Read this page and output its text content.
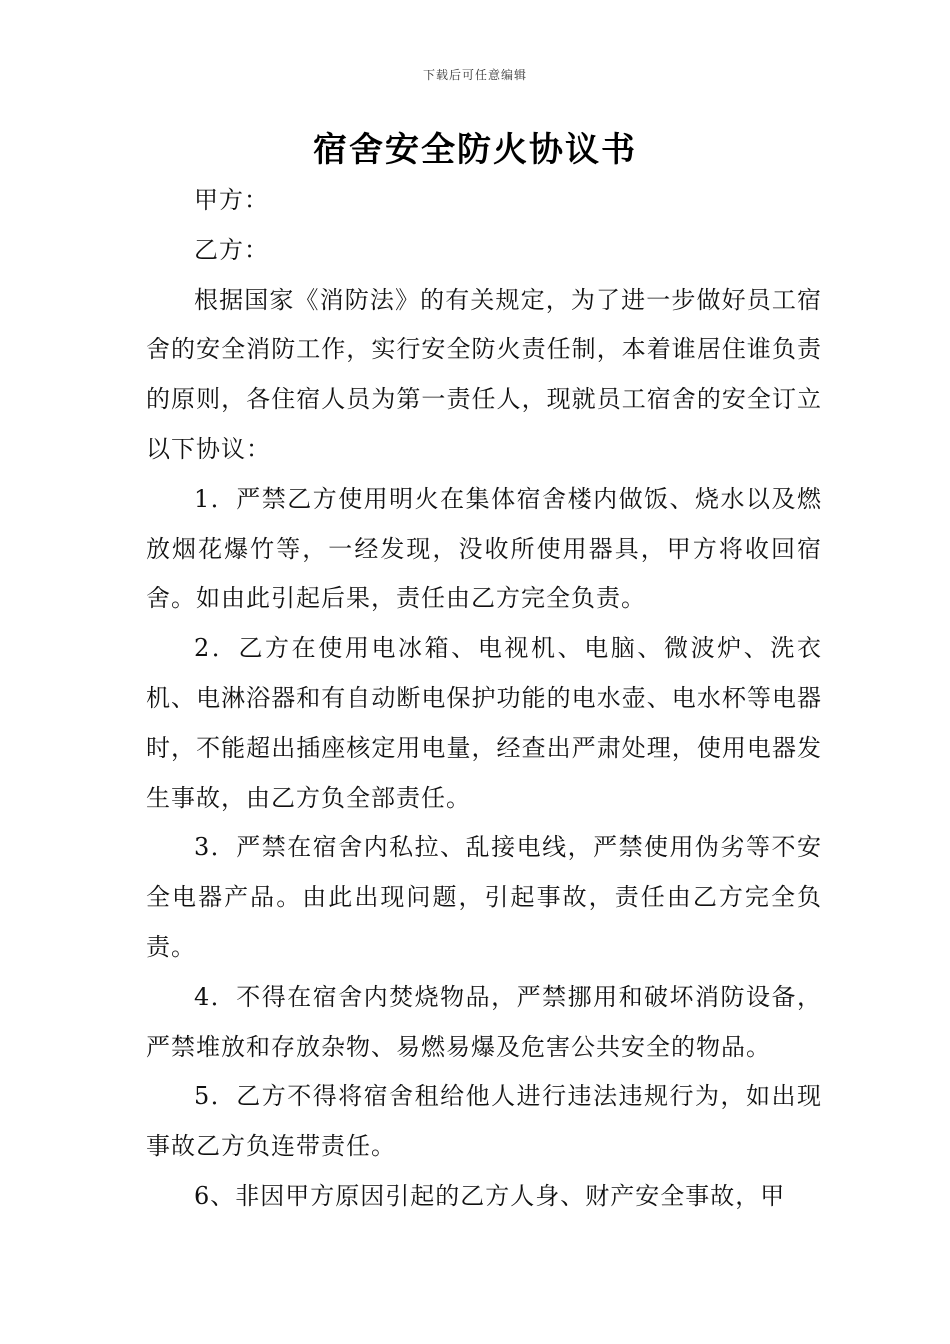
下载后可任意编辑
宿舍安全防火协议书

甲方：

乙方：

根据国家《消防法》的有关规定，为了进一步做好员工宿舍的安全消防工作，实行安全防火责任制，本着谁居住谁负责的原则，各住宿人员为第一责任人，现就员工宿舍的安全订立以下协议：

1．严禁乙方使用明火在集体宿舍楼内做饭、烧水以及燃放烟花爆竹等，一经发现，没收所使用器具，甲方将收回宿舍。如由此引起后果，责任由乙方完全负责。

2．乙方在使用电冰箱、电视机、电脑、微波炉、洗衣机、电淋浴器和有自动断电保护功能的电水壶、电水杯等电器时，不能超出插座核定用电量，经查出严肃处理，使用电器发生事故，由乙方负全部责任。

3．严禁在宿舍内私拉、乱接电线，严禁使用伪劣等不安全电器产品。由此出现问题，引起事故，责任由乙方完全负责。

4．不得在宿舍内焚烧物品，严禁挪用和破坏消防设备，严禁堆放和存放杂物、易燃易爆及危害公共安全的物品。

5．乙方不得将宿舍租给他人进行违法违规行为，如出现事故乙方负连带责任。

6、非因甲方原因引起的乙方人身、财产安全事故，甲
